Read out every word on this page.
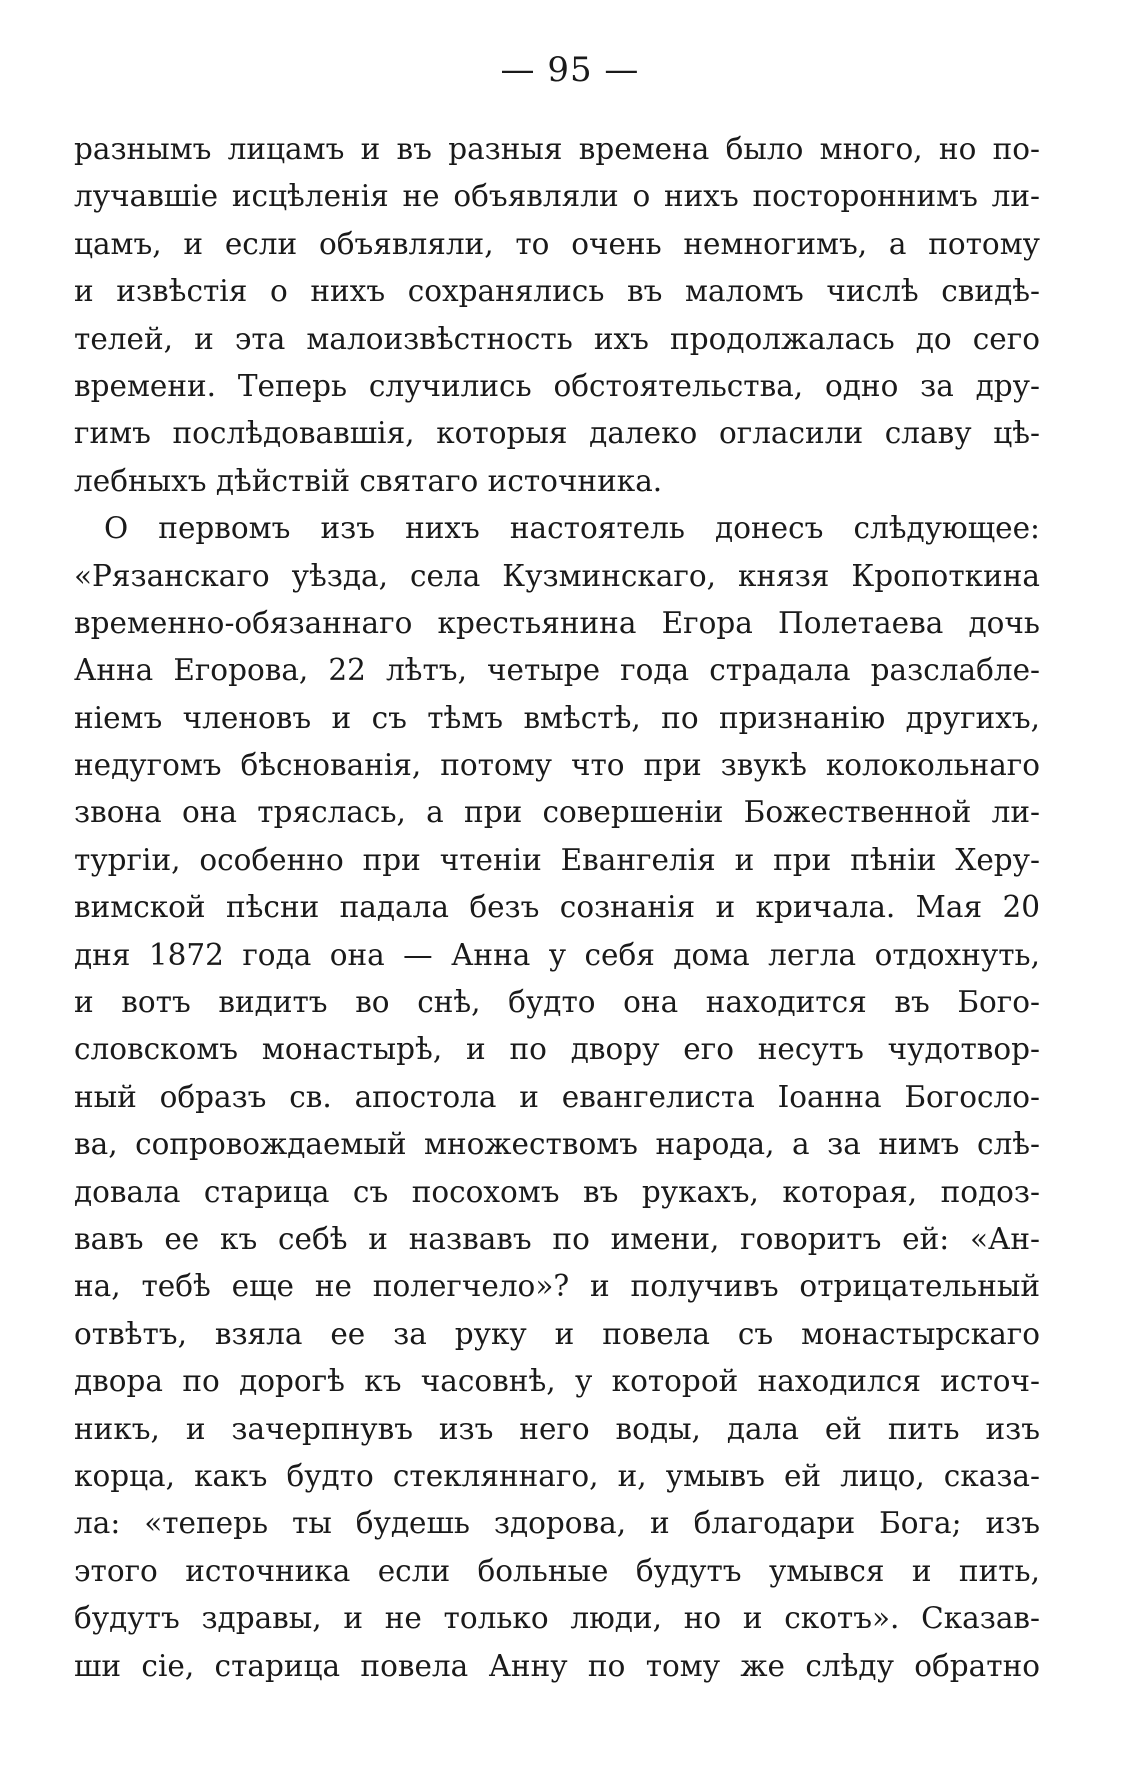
— 95 —
разнымъ лицамъ и въ разныя времена было много, но по-
лучавшіе исцѣленія не объявляли о нихъ постороннимъ ли-
цамъ, и если объявляли, то очень немногимъ, а потому
и извѣстія о нихъ сохранялись въ маломъ числѣ свидѣ-
телей, и эта малоизвѣстность ихъ продолжалась до сего
времени. Теперь случились обстоятельства, одно за дру-
гимъ послѣдовавшія, которыя далеко огласили славу цѣ-
лебныхъ дѣйствій святаго источника.
О первомъ изъ нихъ настоятель донесъ слѣдующее:
«Рязанскаго уѣзда, села Кузминскаго, князя Кропоткина
временно-обязаннаго крестьянина Егора Полетаева дочь
Анна Егорова, 22 лѣтъ, четыре года страдала разслабле-
ніемъ членовъ и съ тѣмъ вмѣстѣ, по признанію другихъ,
недугомъ бѣснованія, потому что при звукѣ колокольнаго
звона она тряслась, а при совершеніи Божественной ли-
тургіи, особенно при чтеніи Евангелія и при пѣніи Херу-
вимской пѣсни падала безъ сознанія и кричала. Мая 20
дня 1872 года она — Анна у себя дома легла отдохнуть,
и вотъ видитъ во снѣ, будто она находится въ Бого-
словскомъ монастырѣ, и по двору его несутъ чудотвор-
ный образъ св. апостола и евангелиста Іоанна Богосло-
ва, сопровождаемый множествомъ народа, а за нимъ слѣ-
довала старица съ посохомъ въ рукахъ, которая, подоз-
вавъ ее къ себѣ и назвавъ по имени, говоритъ ей: «Ан-
на, тебѣ еще не полегчело»? и получивъ отрицательный
отвѣтъ, взяла ее за руку и повела съ монастырскаго
двора по дорогѣ къ часовнѣ, у которой находился источ-
никъ, и зачерпнувъ изъ него воды, дала ей пить изъ
корца, какъ будто стекляннаго, и, умывъ ей лицо, сказа-
ла: «теперь ты будешь здорова, и благодари Бога; изъ
этого источника если больные будутъ умывся и пить,
будутъ здравы, и не только люди, но и скотъ». Сказав-
ши сіе, старица повела Анну по тому же слѣду обратно
